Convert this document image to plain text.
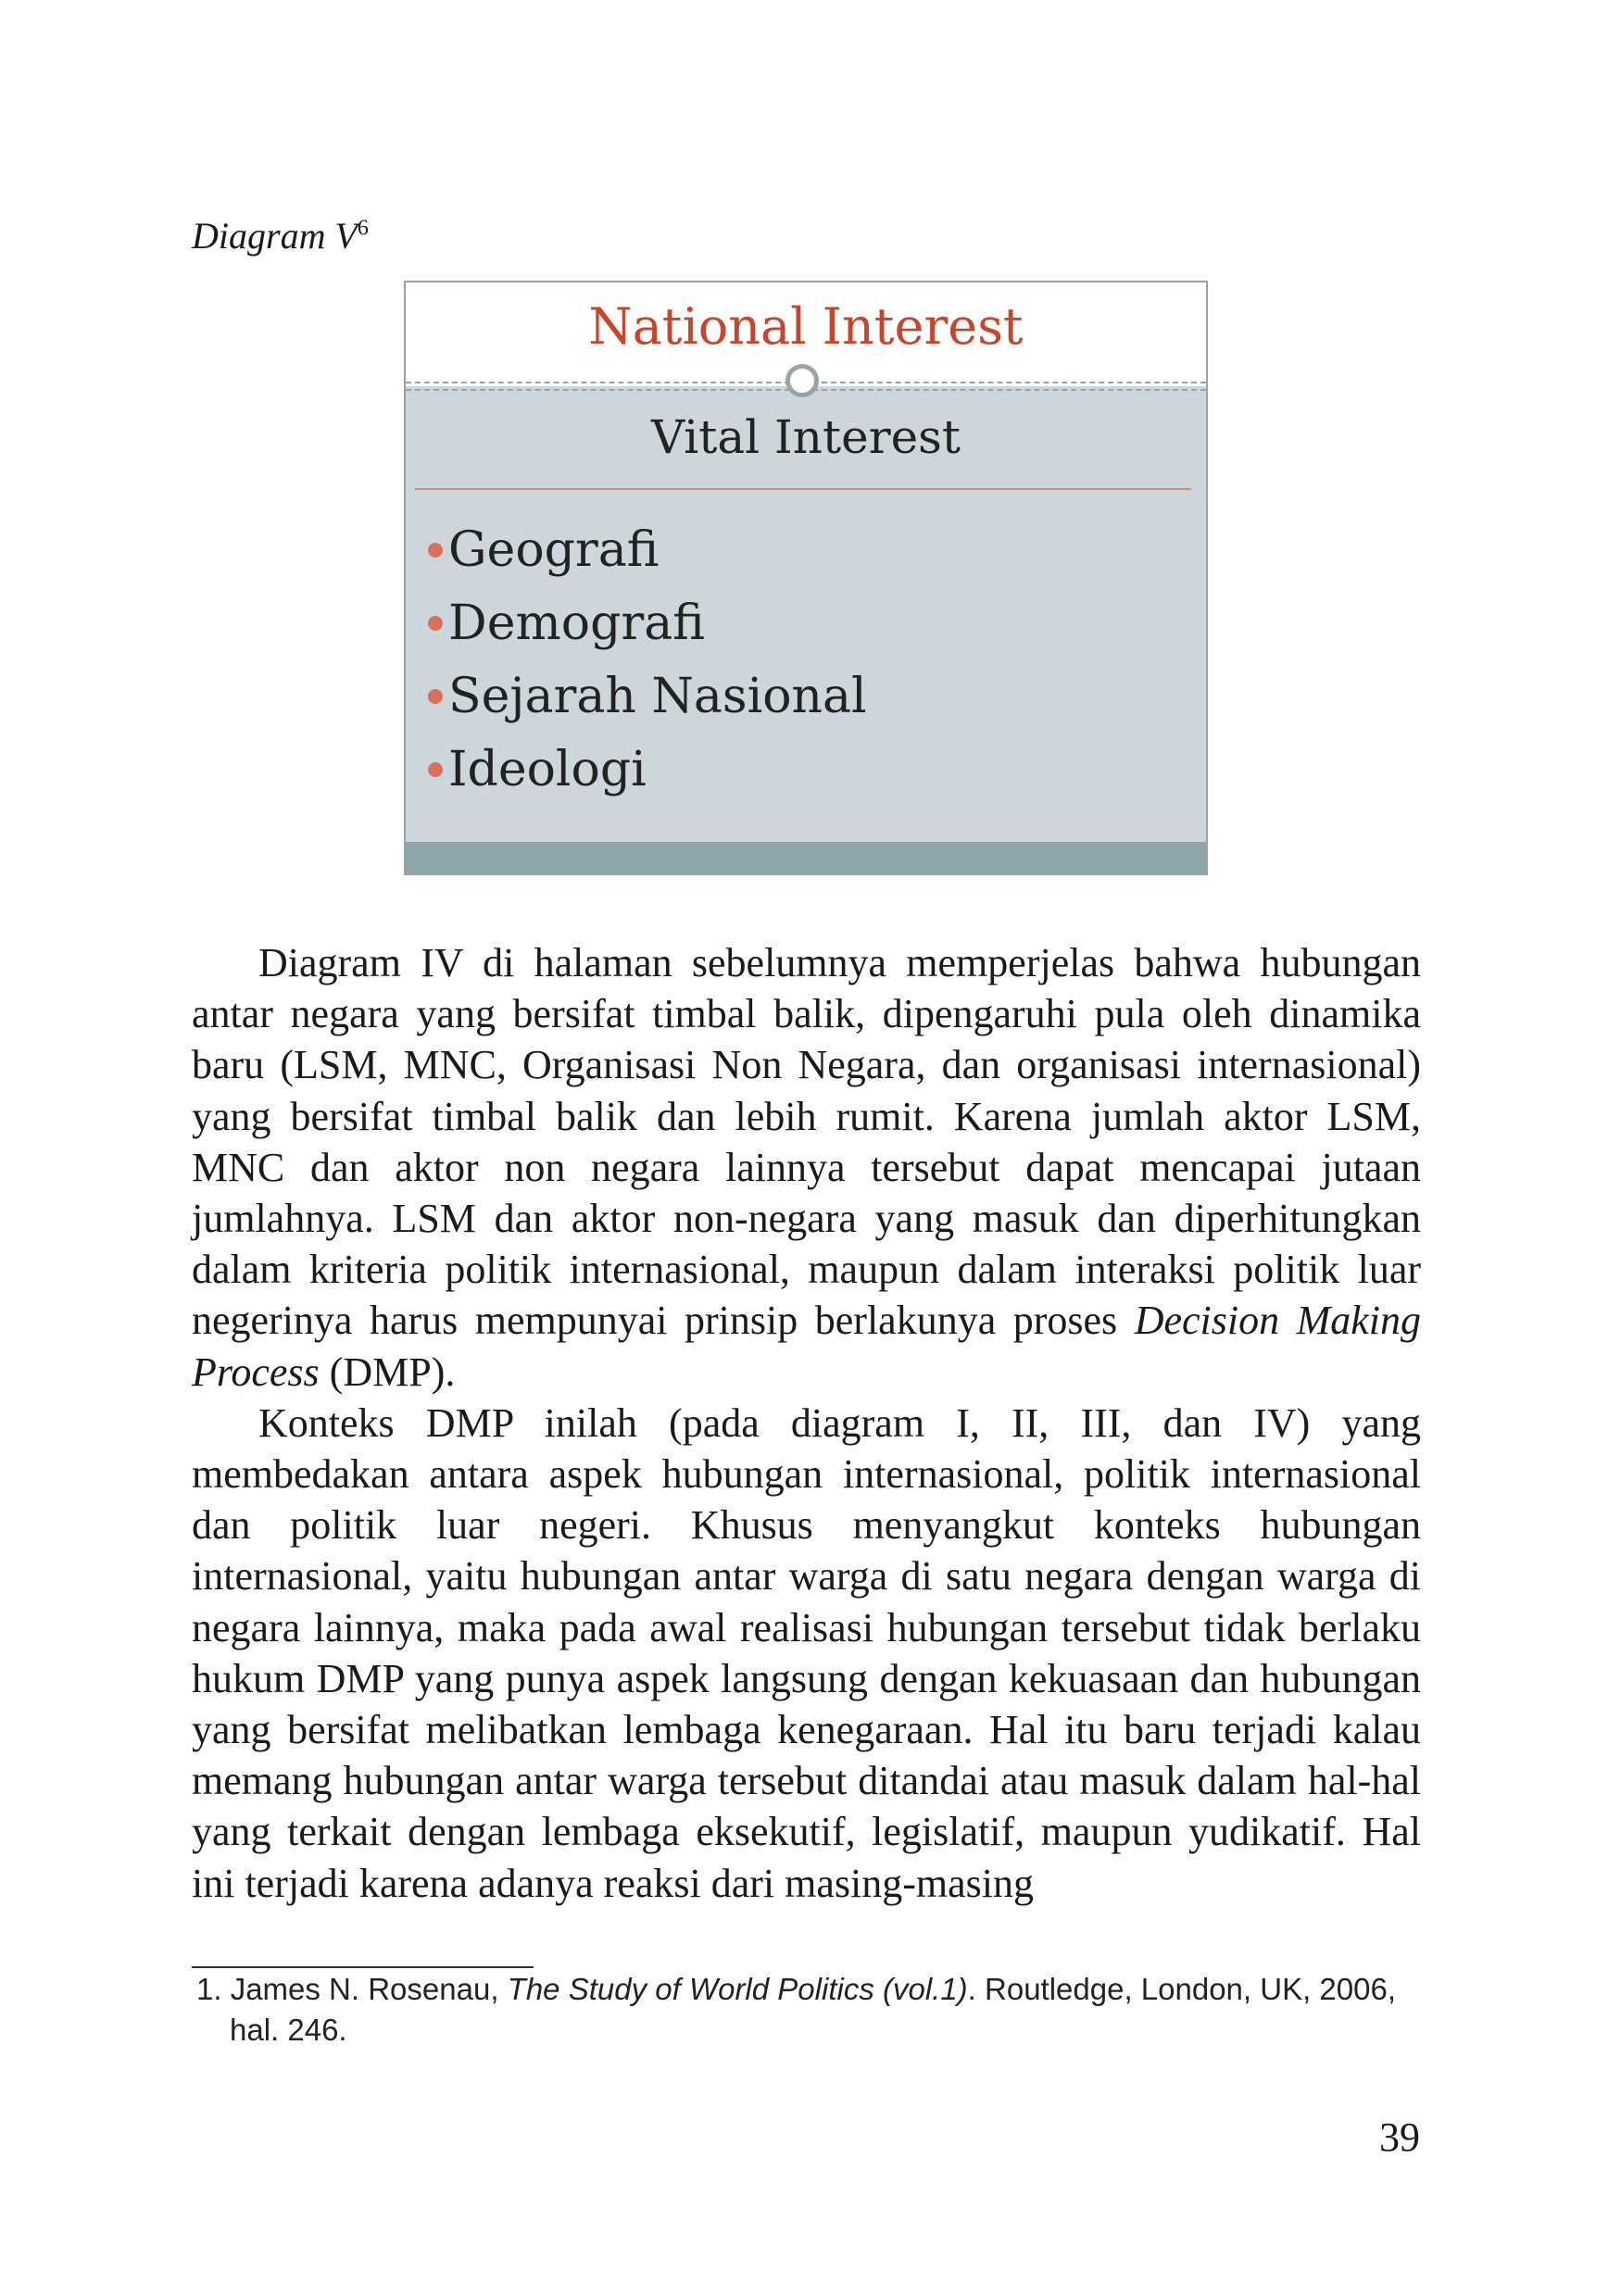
Diagram $V^6$
National Interest
Vital Interest
Geografi
Demografi
Sejarah Nasional
Ideologi

Diagram IV di halaman sebelumnya memperjelas bahwa hubungan antar negara yang bersifat timbal balik, dipengaruhi pula oleh dinamika baru (LSM, MNC, Organisasi Non Negara, dan organisasi internasional) yang bersifat timbal balik dan lebih rumit. Karena jumlah aktor LSM, MNC dan aktor non negara lainnya tersebut dapat mencapai jutaan jumlahnya. LSM dan aktor non-negara yang masuk dan diperhitungkan dalam kriteria politik internasional, maupun dalam interaksi politik luar negerinya harus mempunyai prinsip berlakunya proses Decision Making Process (DMP).

Konteks DMP inilah (pada diagram I, II, III, dan IV) yang membedakan antara aspek hubungan internasional, politik internasional dan politik luar negeri. Khusus menyangkut konteks hubungan internasional, yaitu hubungan antar warga di satu negara dengan warga di negara lainnya, maka pada awal realisasi hubungan tersebut tidak berlaku hukum DMP yang punya aspek langsung dengan kekuasaan dan hubungan yang bersifat melibatkan lembaga kenegaraan. Hal itu baru terjadi kalau memang hubungan antar warga tersebut ditandai atau masuk dalam hal-hal yang terkait dengan lembaga eksekutif, legislatif, maupun yudikatif. Hal ini terjadi karena adanya reaksi dari masing-masing

1. James N. Rosenau, The Study of World Politics (vol.1). Routledge, London, UK, 2006,
hal. 246.
39
